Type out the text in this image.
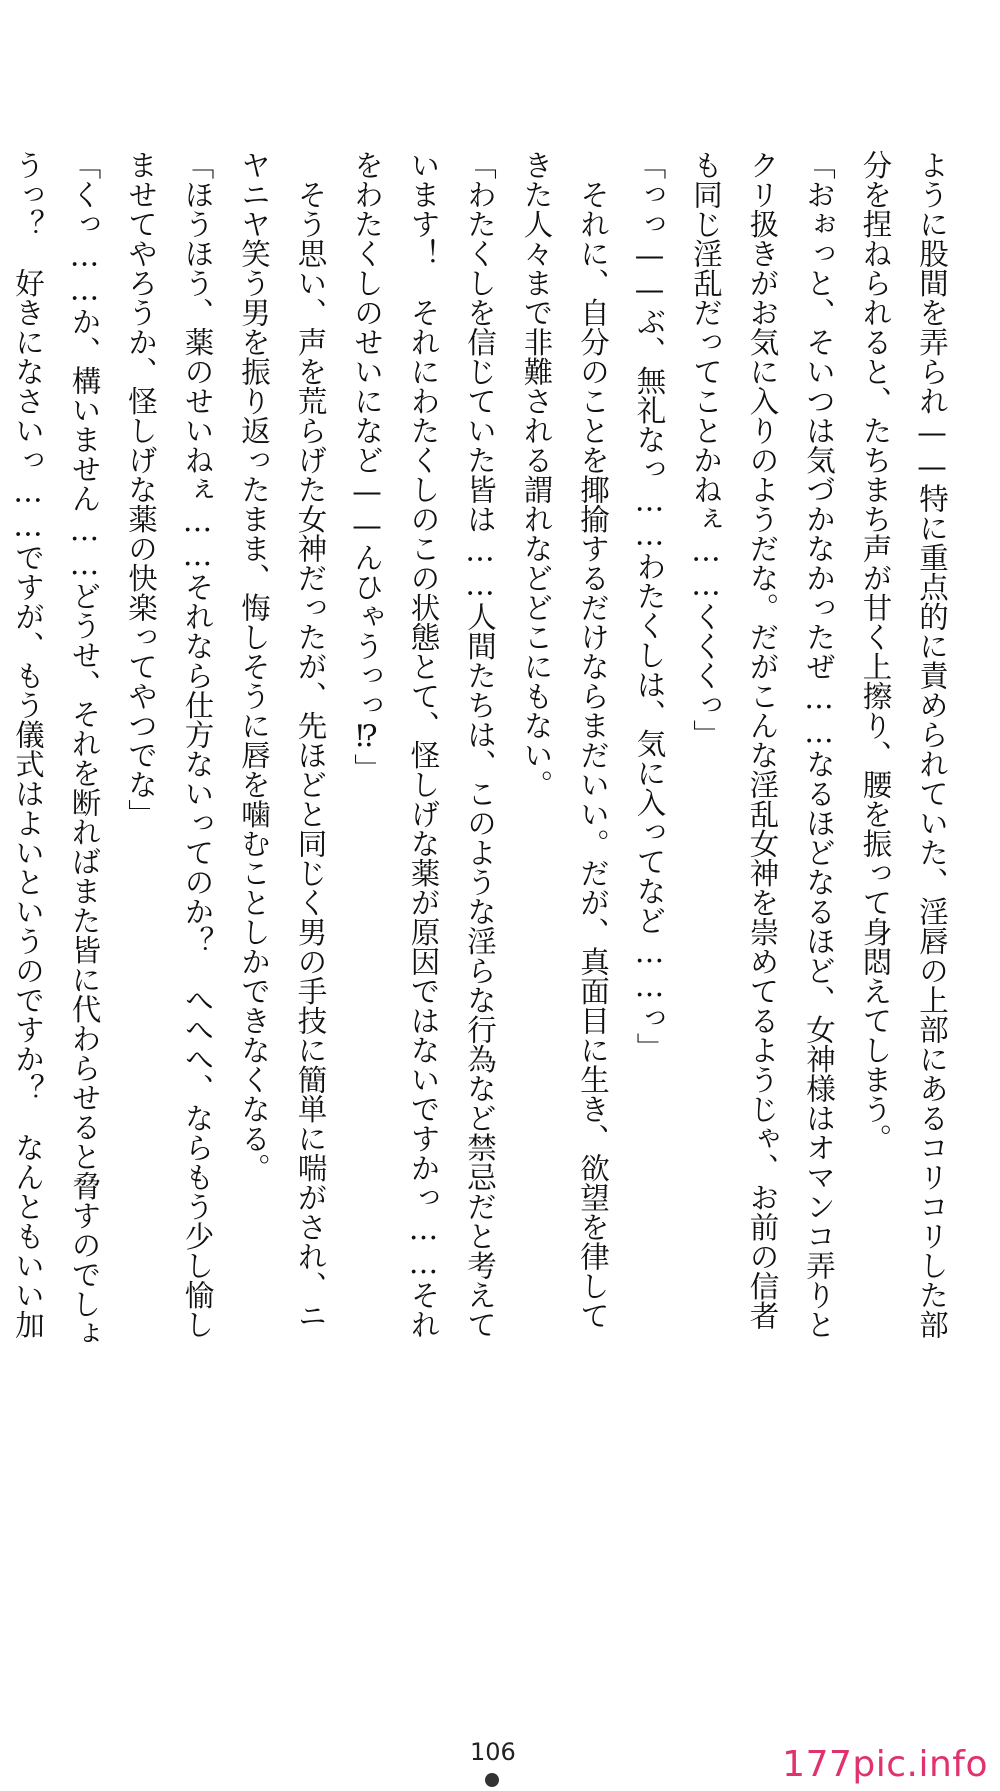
ように股間を弄られ——特に重点的に責められていた、淫唇の上部にあるコリコリした部
分を捏ねられると、たちまち声が甘く上擦り、腰を振って身悶えてしまう。
「おぉっと、そいつは気づかなかったぜ……なるほどなるほど、女神様はオマンコ弄りと
クリ扱きがお気に入りのようだな。だがこんな淫乱女神を崇めてるようじゃ、お前の信者
も同じ淫乱だってことかねぇ……くくくっ」
「っっ——ぶ、無礼なっ……わたくしは、気に入ってなど……っ」
　それに、自分のことを揶揄するだけならまだいい。だが、真面目に生き、欲望を律して
きた人々まで非難される謂れなどどこにもない。
「わたくしを信じていた皆は……人間たちは、このような淫らな行為など禁忌だと考えて
います！　それにわたくしのこの状態とて、怪しげな薬が原因ではないですかっ……それ
をわたくしのせいになど——んひゃうっっ⁉」
　そう思い、声を荒らげた女神だったが、先ほどと同じく男の手技に簡単に喘がされ、ニ
ヤニヤ笑う男を振り返ったまま、悔しそうに唇を噛むことしかできなくなる。
「ほうほう、薬のせいねぇ……それなら仕方ないってのか？　へへへ、ならもう少し愉し
ませてやろうか、怪しげな薬の快楽ってやつでな」
「くっ……か、構いません……どうせ、それを断ればまた皆に代わらせると脅すのでしょ
うっ？　好きになさいっ……ですが、もう儀式はよいというのですか？　なんともいい加
106	177pic.info
